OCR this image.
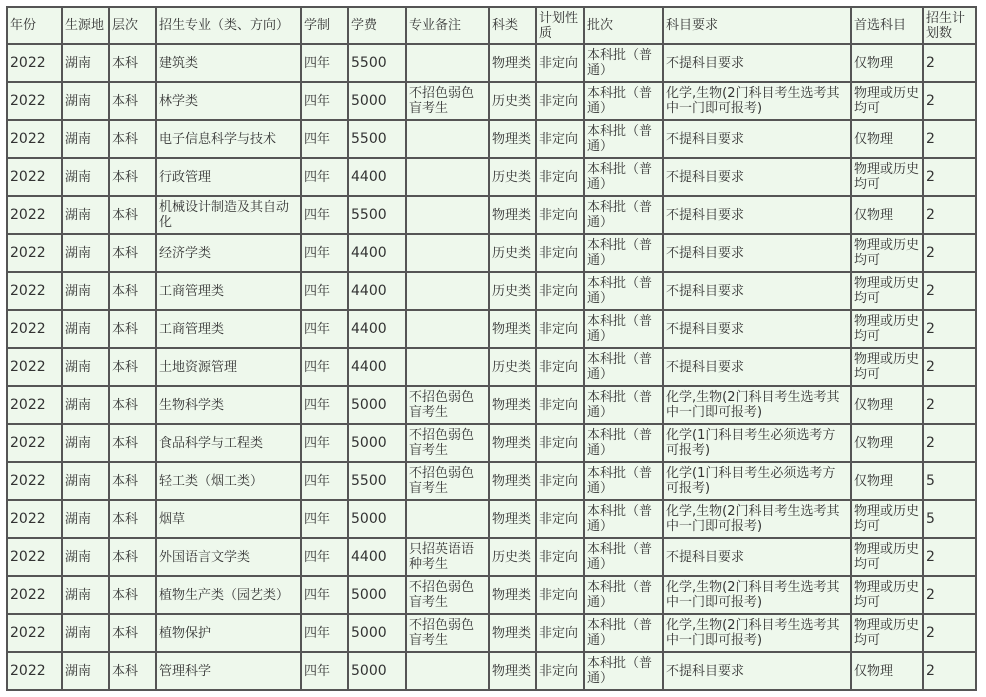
年份	生源地	层次	招生专业（类、方向）	学制	学费	专业备注	科类	计划性质	批次	科目要求	首选科目	招生计划数
2022	湖南	本科	建筑类	四年	5500		物理类	非定向	本科批（普通）	不提科目要求	仅物理	2
2022	湖南	本科	林学类	四年	5000	不招色弱色盲考生	历史类	非定向	本科批（普通）	化学,生物(2门科目考生选考其中一门即可报考)	物理或历史均可	2
2022	湖南	本科	电子信息科学与技术	四年	5500		物理类	非定向	本科批（普通）	不提科目要求	仅物理	2
2022	湖南	本科	行政管理	四年	4400		历史类	非定向	本科批（普通）	不提科目要求	物理或历史均可	2
2022	湖南	本科	机械设计制造及其自动化	四年	5500		物理类	非定向	本科批（普通）	不提科目要求	仅物理	2
2022	湖南	本科	经济学类	四年	4400		历史类	非定向	本科批（普通）	不提科目要求	物理或历史均可	2
2022	湖南	本科	工商管理类	四年	4400		历史类	非定向	本科批（普通）	不提科目要求	物理或历史均可	2
2022	湖南	本科	工商管理类	四年	4400		物理类	非定向	本科批（普通）	不提科目要求	物理或历史均可	2
2022	湖南	本科	土地资源管理	四年	4400		历史类	非定向	本科批（普通）	不提科目要求	物理或历史均可	2
2022	湖南	本科	生物科学类	四年	5000	不招色弱色盲考生	物理类	非定向	本科批（普通）	化学,生物(2门科目考生选考其中一门即可报考)	仅物理	2
2022	湖南	本科	食品科学与工程类	四年	5000	不招色弱色盲考生	物理类	非定向	本科批（普通）	化学(1门科目考生必须选考方可报考)	仅物理	2
2022	湖南	本科	轻工类（烟工类）	四年	5500	不招色弱色盲考生	物理类	非定向	本科批（普通）	化学(1门科目考生必须选考方可报考)	仅物理	5
2022	湖南	本科	烟草	四年	5000		物理类	非定向	本科批（普通）	化学,生物(2门科目考生选考其中一门即可报考)	物理或历史均可	5
2022	湖南	本科	外国语言文学类	四年	4400	只招英语语种考生	历史类	非定向	本科批（普通）	不提科目要求	物理或历史均可	2
2022	湖南	本科	植物生产类（园艺类）	四年	5000	不招色弱色盲考生	物理类	非定向	本科批（普通）	化学,生物(2门科目考生选考其中一门即可报考)	物理或历史均可	2
2022	湖南	本科	植物保护	四年	5000	不招色弱色盲考生	物理类	非定向	本科批（普通）	化学,生物(2门科目考生选考其中一门即可报考)	物理或历史均可	2
2022	湖南	本科	管理科学	四年	5000		物理类	非定向	本科批（普通）	不提科目要求	仅物理	2
